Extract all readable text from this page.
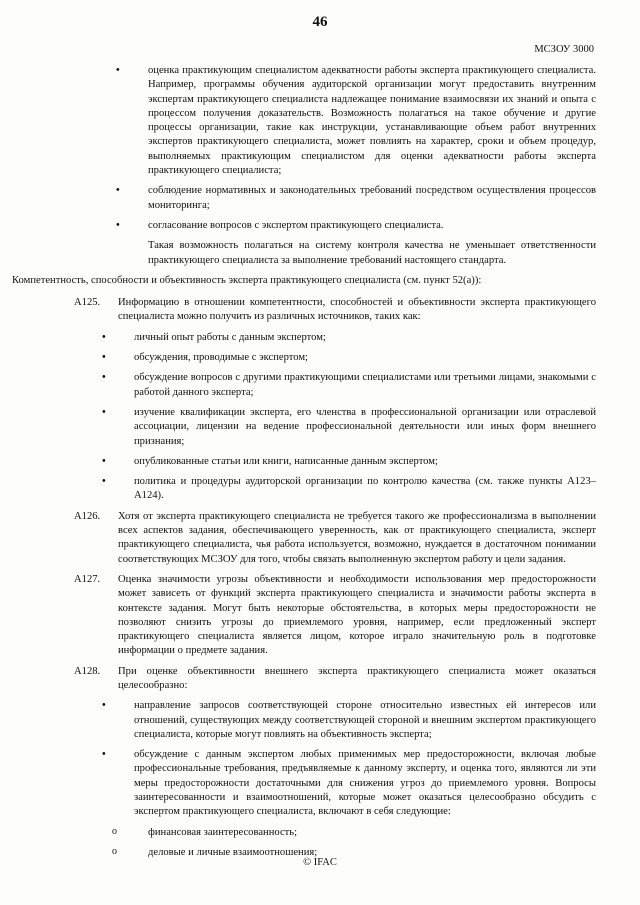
46
МСЗОУ 3000
• оценка практикующим специалистом адекватности работы эксперта практикующего специалиста. Например, программы обучения аудиторской организации могут предоставить внутренним экспертам практикующего специалиста надлежащее понимание взаимосвязи их знаний и опыта с процессом получения доказательств. Возможность полагаться на такое обучение и другие процессы организации, такие как инструкции, устанавливающие объем работ внутренних экспертов практикующего специалиста, может повлиять на характер, сроки и объем процедур, выполняемых практикующим специалистом для оценки адекватности работы эксперта практикующего специалиста;
• соблюдение нормативных и законодательных требований посредством осуществления процессов мониторинга;
• согласование вопросов с экспертом практикующего специалиста.
Такая возможность полагаться на систему контроля качества не уменьшает ответственности практикующего специалиста за выполнение требований настоящего стандарта.
Компетентность, способности и объективность эксперта практикующего специалиста (см. пункт 52(a)):
A125. Информацию в отношении компетентности, способностей и объективности эксперта практикующего специалиста можно получить из различных источников, таких как:
• личный опыт работы с данным экспертом;
• обсуждения, проводимые с экспертом;
• обсуждение вопросов с другими практикующими специалистами или третьими лицами, знакомыми с работой данного эксперта;
• изучение квалификации эксперта, его членства в профессиональной организации или отраслевой ассоциации, лицензии на ведение профессиональной деятельности или иных форм внешнего признания;
• опубликованные статьи или книги, написанные данным экспертом;
• политика и процедуры аудиторской организации по контролю качества (см. также пункты A123–A124).
A126. Хотя от эксперта практикующего специалиста не требуется такого же профессионализма в выполнении всех аспектов задания, обеспечивающего уверенность, как от практикующего специалиста, эксперт практикующего специалиста, чья работа используется, возможно, нуждается в достаточном понимании соответствующих МСЗОУ для того, чтобы связать выполненную экспертом работу и цели задания.
A127. Оценка значимости угрозы объективности и необходимости использования мер предосторожности может зависеть от функций эксперта практикующего специалиста и значимости работы эксперта в контексте задания. Могут быть некоторые обстоятельства, в которых меры предосторожности не позволяют снизить угрозы до приемлемого уровня, например, если предложенный эксперт практикующего специалиста является лицом, которое играло значительную роль в подготовке информации о предмете задания.
A128. При оценке объективности внешнего эксперта практикующего специалиста может оказаться целесообразно:
• направление запросов соответствующей стороне относительно известных ей интересов или отношений, существующих между соответствующей стороной и внешним экспертом практикующего специалиста, которые могут повлиять на объективность эксперта;
• обсуждение с данным экспертом любых применимых мер предосторожности, включая любые профессиональные требования, предъявляемые к данному эксперту, и оценка того, являются ли эти меры предосторожности достаточными для снижения угроз до приемлемого уровня. Вопросы заинтересованности и взаимоотношений, которые может оказаться целесообразно обсудить с экспертом практикующего специалиста, включают в себя следующие:
o финансовая заинтересованность;
o деловые и личные взаимоотношения;
© IFAC
